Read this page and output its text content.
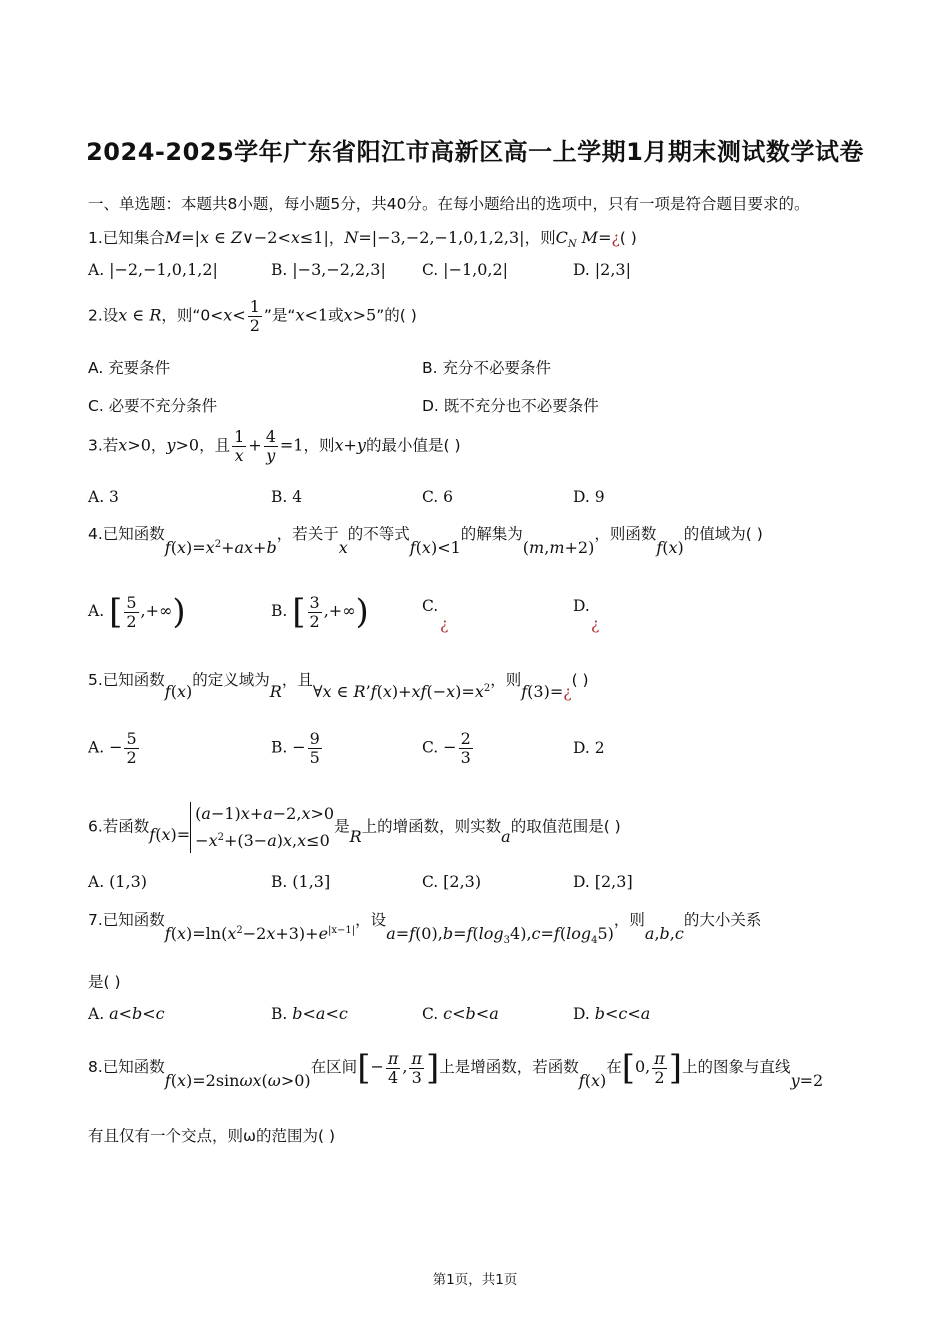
2024-2025学年广东省阳江市高新区高一上学期1月期末测试数学试卷
一、单选题：本题共8小题，每小题5分，共40分。在每小题给出的选项中，只有一项是符合题目要求的。
1.已知集合M=|x ∈ Z∨−2<x≤1|，N=|−3,−2,−1,0,1,2,3|，则$C_N$ M=¿( )
A. |−2,−1,0,1,2|	B. |−3,−2,2,3| C. |−1,0,2|	D. |2,3|
2.设x ∈ R，则“$0<x< \frac{1}{2}$ ”是“x<1或x>5”的( )
A. 充要条件	B. 充分不必要条件
C. 必要不充分条件	D. 既不充分也不必要条件
3.若x>0，y>0，且 $\frac{1}{x} + \frac{4}{y} =1$，则x+y的最小值是( )
A. 3	B. 4	C. 6	D. 9
4.已知函数$f(x)=x^2+ax+b$，若关于x的不等式f(x)<1的解集为(m,m+2)，则函数f(x)的值域为( )
A. [ $\frac{5}{2}$ ,+∞)	B. [ $\frac{3}{2}$ ,+∞)	C.
¿
D.
¿
5.已知函数f(x)的定义域为R，且∀x ∈ $R’f(x)+xf(-x)=x^2$，则f(3)=¿( )
A. − $\frac{5}{2}$	B. − $\frac{9}{5}$	C. − $\frac{2}{3}$	D. 2
6.若函数f(x)=(a−1)x+a−2,x>0
$-x^2+(3-a)x,x\le 0$是R上的增函数，则实数a的取值范围是( )
A. (1,3)	B. (1,3]	C. [2,3)	D. [2,3]
7.已知函数$f(x)=\ln(x^2-2x+3)+e^{|x-1|}$，设$a=f(0),b=f(\log_34),c=f(\log_45)$，则a,b,c的大小关系
是( )
A. a<b<c	B. b<a<c	C. c<b<a	D. b<c<a
8.已知函数f(x)=2sinωx(ω>0)在区间[− $\frac{\pi}{4}$ , $\frac{\pi}{3}$ ]上是增函数，若函数f(x)在[0, $\frac{\pi}{2}$ ]上的图象与直线y=2
有且仅有一个交点，则ω的范围为( )
第1页，共1页
